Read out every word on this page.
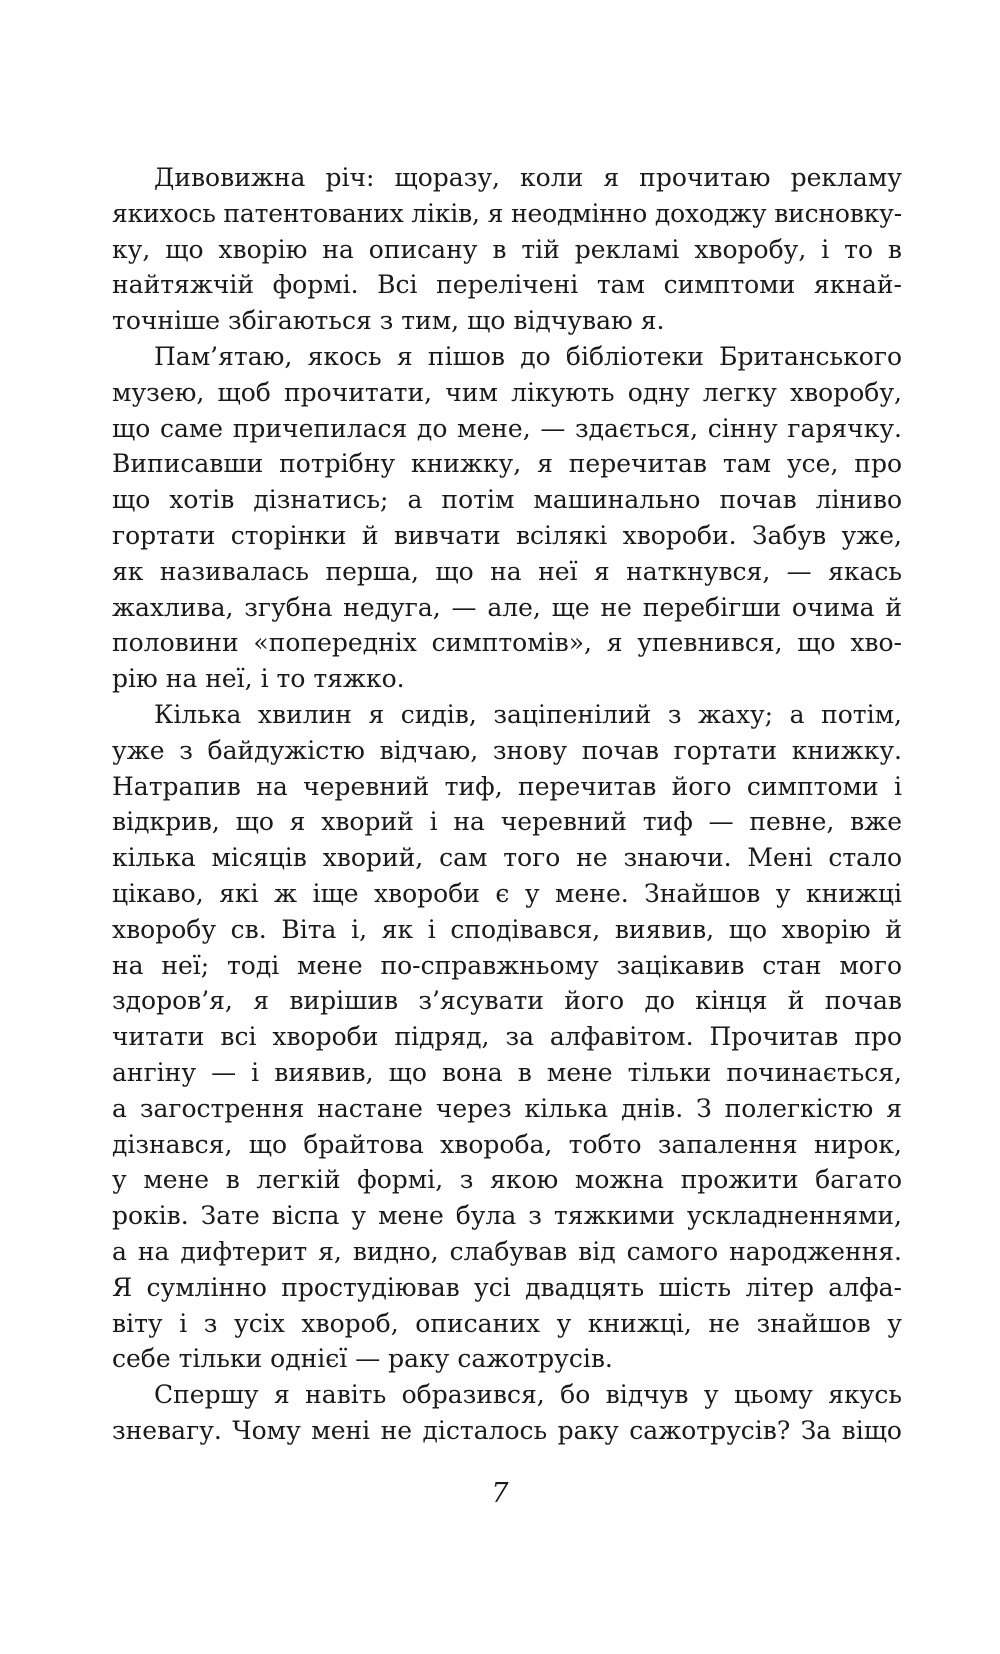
Дивовижна річ: щоразу, коли я прочитаю рекламу
якихось патентованих ліків, я неодмінно доходжу висновку-
ку, що хворію на описану в тій рекламі хворобу, і то в
найтяжчій формі. Всі перелічені там симптоми якнай-
точніше збігаються з тим, що відчуваю я.
Пам’ятаю, якось я пішов до бібліотеки Британського
музею, щоб прочитати, чим лікують одну легку хворобу,
що саме причепилася до мене, — здається, сінну гарячку.
Виписавши потрібну книжку, я перечитав там усе, про
що хотів дізнатись; а потім машинально почав ліниво
гортати сторінки й вивчати всілякі хвороби. Забув уже,
як називалась перша, що на неї я наткнувся, — якась
жахлива, згубна недуга, — але, ще не перебігши очима й
половини «попередніх симптомів», я упевнився, що хво-
рію на неї, і то тяжко.
Кілька хвилин я сидів, заціпенілий з жаху; а потім,
уже з байдужістю відчаю, знову почав гортати книжку.
Натрапив на черевний тиф, перечитав його симптоми і
відкрив, що я хворий і на черевний тиф — певне, вже
кілька місяців хворий, сам того не знаючи. Мені стало
цікаво, які ж іще хвороби є у мене. Знайшов у книжці
хворобу св. Віта і, як і сподівався, виявив, що хворію й
на неї; тоді мене по-справжньому зацікавив стан мого
здоров’я, я вирішив з’ясувати його до кінця й почав
читати всі хвороби підряд, за алфавітом. Прочитав про
ангіну — і виявив, що вона в мене тільки починається,
а загострення настане через кілька днів. З полегкістю я
дізнався, що брайтова хвороба, тобто запалення нирок,
у мене в легкій формі, з якою можна прожити багато
років. Зате віспа у мене була з тяжкими ускладненнями,
а на дифтерит я, видно, слабував від самого народження.
Я сумлінно простудіював усі двадцять шість літер алфа-
віту і з усіх хвороб, описаних у книжці, не знайшов у
себе тільки однієї — раку сажотрусів.
Спершу я навіть образився, бо відчув у цьому якусь
зневагу. Чому мені не дісталось раку сажотрусів? За віщо
7
